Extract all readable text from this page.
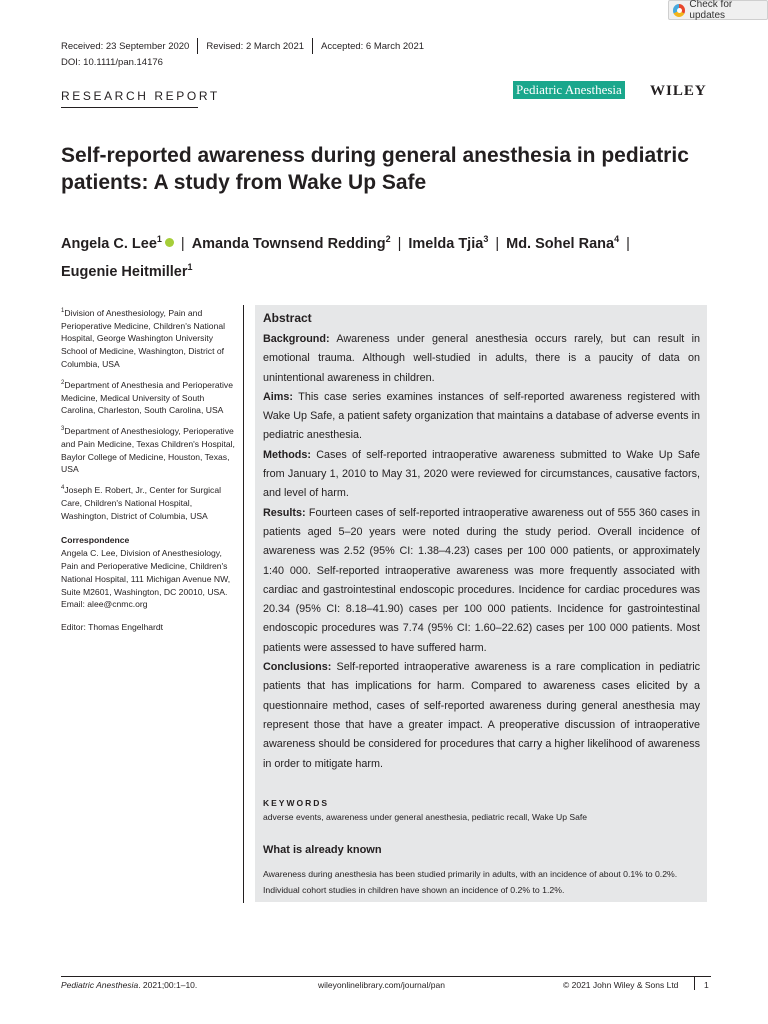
Check for updates
Received: 23 September 2020 Revised: 2 March 2021 Accepted: 6 March 2021
DOI: 10.1111/pan.14176
RESEARCH REPORT	Pediatric Anesthesia WILEY
Self-reported awareness during general anesthesia in pediatric patients: A study from Wake Up Safe
Angela C. Lee$^1$ | Amanda Townsend Redding$^2$ | Imelda Tjia$^3$ | Md. Sohel Rana$^4$ |
Eugenie Heitmiller$^1$

$^1$Division of Anesthesiology, Pain and Perioperative Medicine, Children's National Hospital, George Washington University School of Medicine, Washington, District of Columbia, USA

$^2$Department of Anesthesia and Perioperative Medicine, Medical University of South Carolina, Charleston, South Carolina, USA

$^3$Department of Anesthesiology, Perioperative and Pain Medicine, Texas Children's Hospital, Baylor College of Medicine, Houston, Texas, USA

$^4$Joseph E. Robert, Jr., Center for Surgical Care, Children's National Hospital, Washington, District of Columbia, USA

Correspondence
Angela C. Lee, Division of Anesthesiology, Pain and Perioperative Medicine, Children's National Hospital, 111 Michigan Avenue NW, Suite M2601, Washington, DC 20010, USA.
Email: alee@cnmc.org

Editor: Thomas Engelhardt

Abstract

Background: Awareness under general anesthesia occurs rarely, but can result in emotional trauma. Although well-studied in adults, there is a paucity of data on unintentional awareness in children.

Aims: This case series examines instances of self-reported awareness registered with Wake Up Safe, a patient safety organization that maintains a database of adverse events in pediatric anesthesia.

Methods: Cases of self-reported intraoperative awareness submitted to Wake Up Safe from January 1, 2010 to May 31, 2020 were reviewed for circumstances, causative factors, and level of harm.

Results: Fourteen cases of self-reported intraoperative awareness out of 555 360 cases in patients aged 5–20 years were noted during the study period. Overall incidence of awareness was 2.52 (95% CI: 1.38–4.23) cases per 100 000 patients, or approximately 1:40 000. Self-reported intraoperative awareness was more frequently associated with cardiac and gastrointestinal endoscopic procedures. Incidence for cardiac procedures was 20.34 (95% CI: 8.18–41.90) cases per 100 000 patients. Incidence for gastrointestinal endoscopic procedures was 7.74 (95% CI: 1.60–22.62) cases per 100 000 patients. Most patients were assessed to have suffered harm.

Conclusions: Self-reported intraoperative awareness is a rare complication in pediatric patients that has implications for harm. Compared to awareness cases elicited by a questionnaire method, cases of self-reported awareness during general anesthesia may represent those that have a greater impact. A preoperative discussion of intraoperative awareness should be considered for procedures that carry a higher likelihood of awareness in order to mitigate harm.

KEYWORDS
adverse events, awareness under general anesthesia, pediatric recall, Wake Up Safe
What is already known
Awareness during anesthesia has been studied primarily in adults, with an incidence of about 0.1% to 0.2%. Individual cohort studies in children have shown an incidence of 0.2% to 1.2%.
Pediatric Anesthesia. 2021;00:1–10.	wileyonlinelibrary.com/journal/pan	© 2021 John Wiley & Sons Ltd	1
